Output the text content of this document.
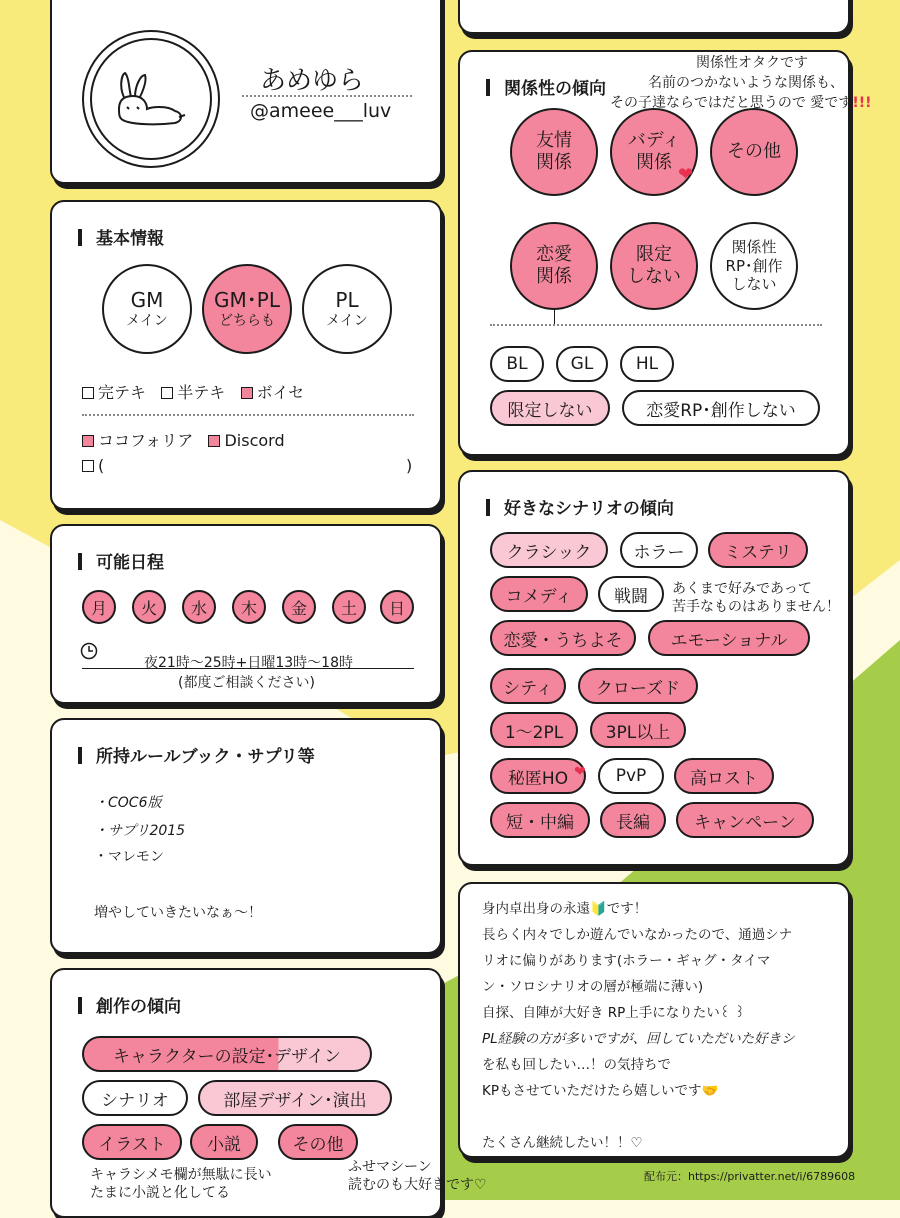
あめゆら
@ameee___luv
基本情報
GM
メイン
GM･PL
どちらも
PL
メイン
完テキ 半テキ ボイセ
ココフォリア Discord
(	)
可能日程
月	火	水	木	金	土	日
夜21時～25時+日曜13時～18時
(都度ご相談ください)
所持ルールブック・サプリ等
・COC6版
・サプリ2015
・マレモン
増やしていきたいなぁ～！
創作の傾向
キャラクターの設定･デザイン
シナリオ	部屋デザイン･演出
イラスト	小説	その他
キャラシメモ欄が無駄に長い
たまに小説と化してる
ふせマシーン
読むのも大好きです♡
関係性の傾向
友情
関係
バディ
関係
❤
その他
恋愛
関係
限定
しない
関係性
RP･創作
しない
BL	GL	HL
限定しない	恋愛RP･創作しない
関係性オタクです
名前のつかないような関係も、
その子達ならではだと思うので 愛です!!!
好きなシナリオの傾向
クラシック	ホラー	ミステリ
コメディ	戦闘	あくまで好みであって
苦手なものはありません！
恋愛・うちよそ	エモーショナル
シティ	クローズド
1～2PL	3PL以上
秘匿HO ❤	PvP	高ロスト
短・中編	長編	キャンペーン
身内卓出身の永遠🔰です！
長らく内々でしか遊んでいなかったので、通過シナ
リオに偏りがあります(ホラー・ギャグ・タイマ
ン・ソロシナリオの層が極端に薄い)
自探、自陣が大好き RP上手になりたい꒰ ꒱
PL経験の方が多いですが、回していただいた好きシ
を私も回したい…！の気持ちで
KPもさせていただけたら嬉しいです🤝
たくさん継続したい！！♡
配布元：https://privatter.net/i/6789608
